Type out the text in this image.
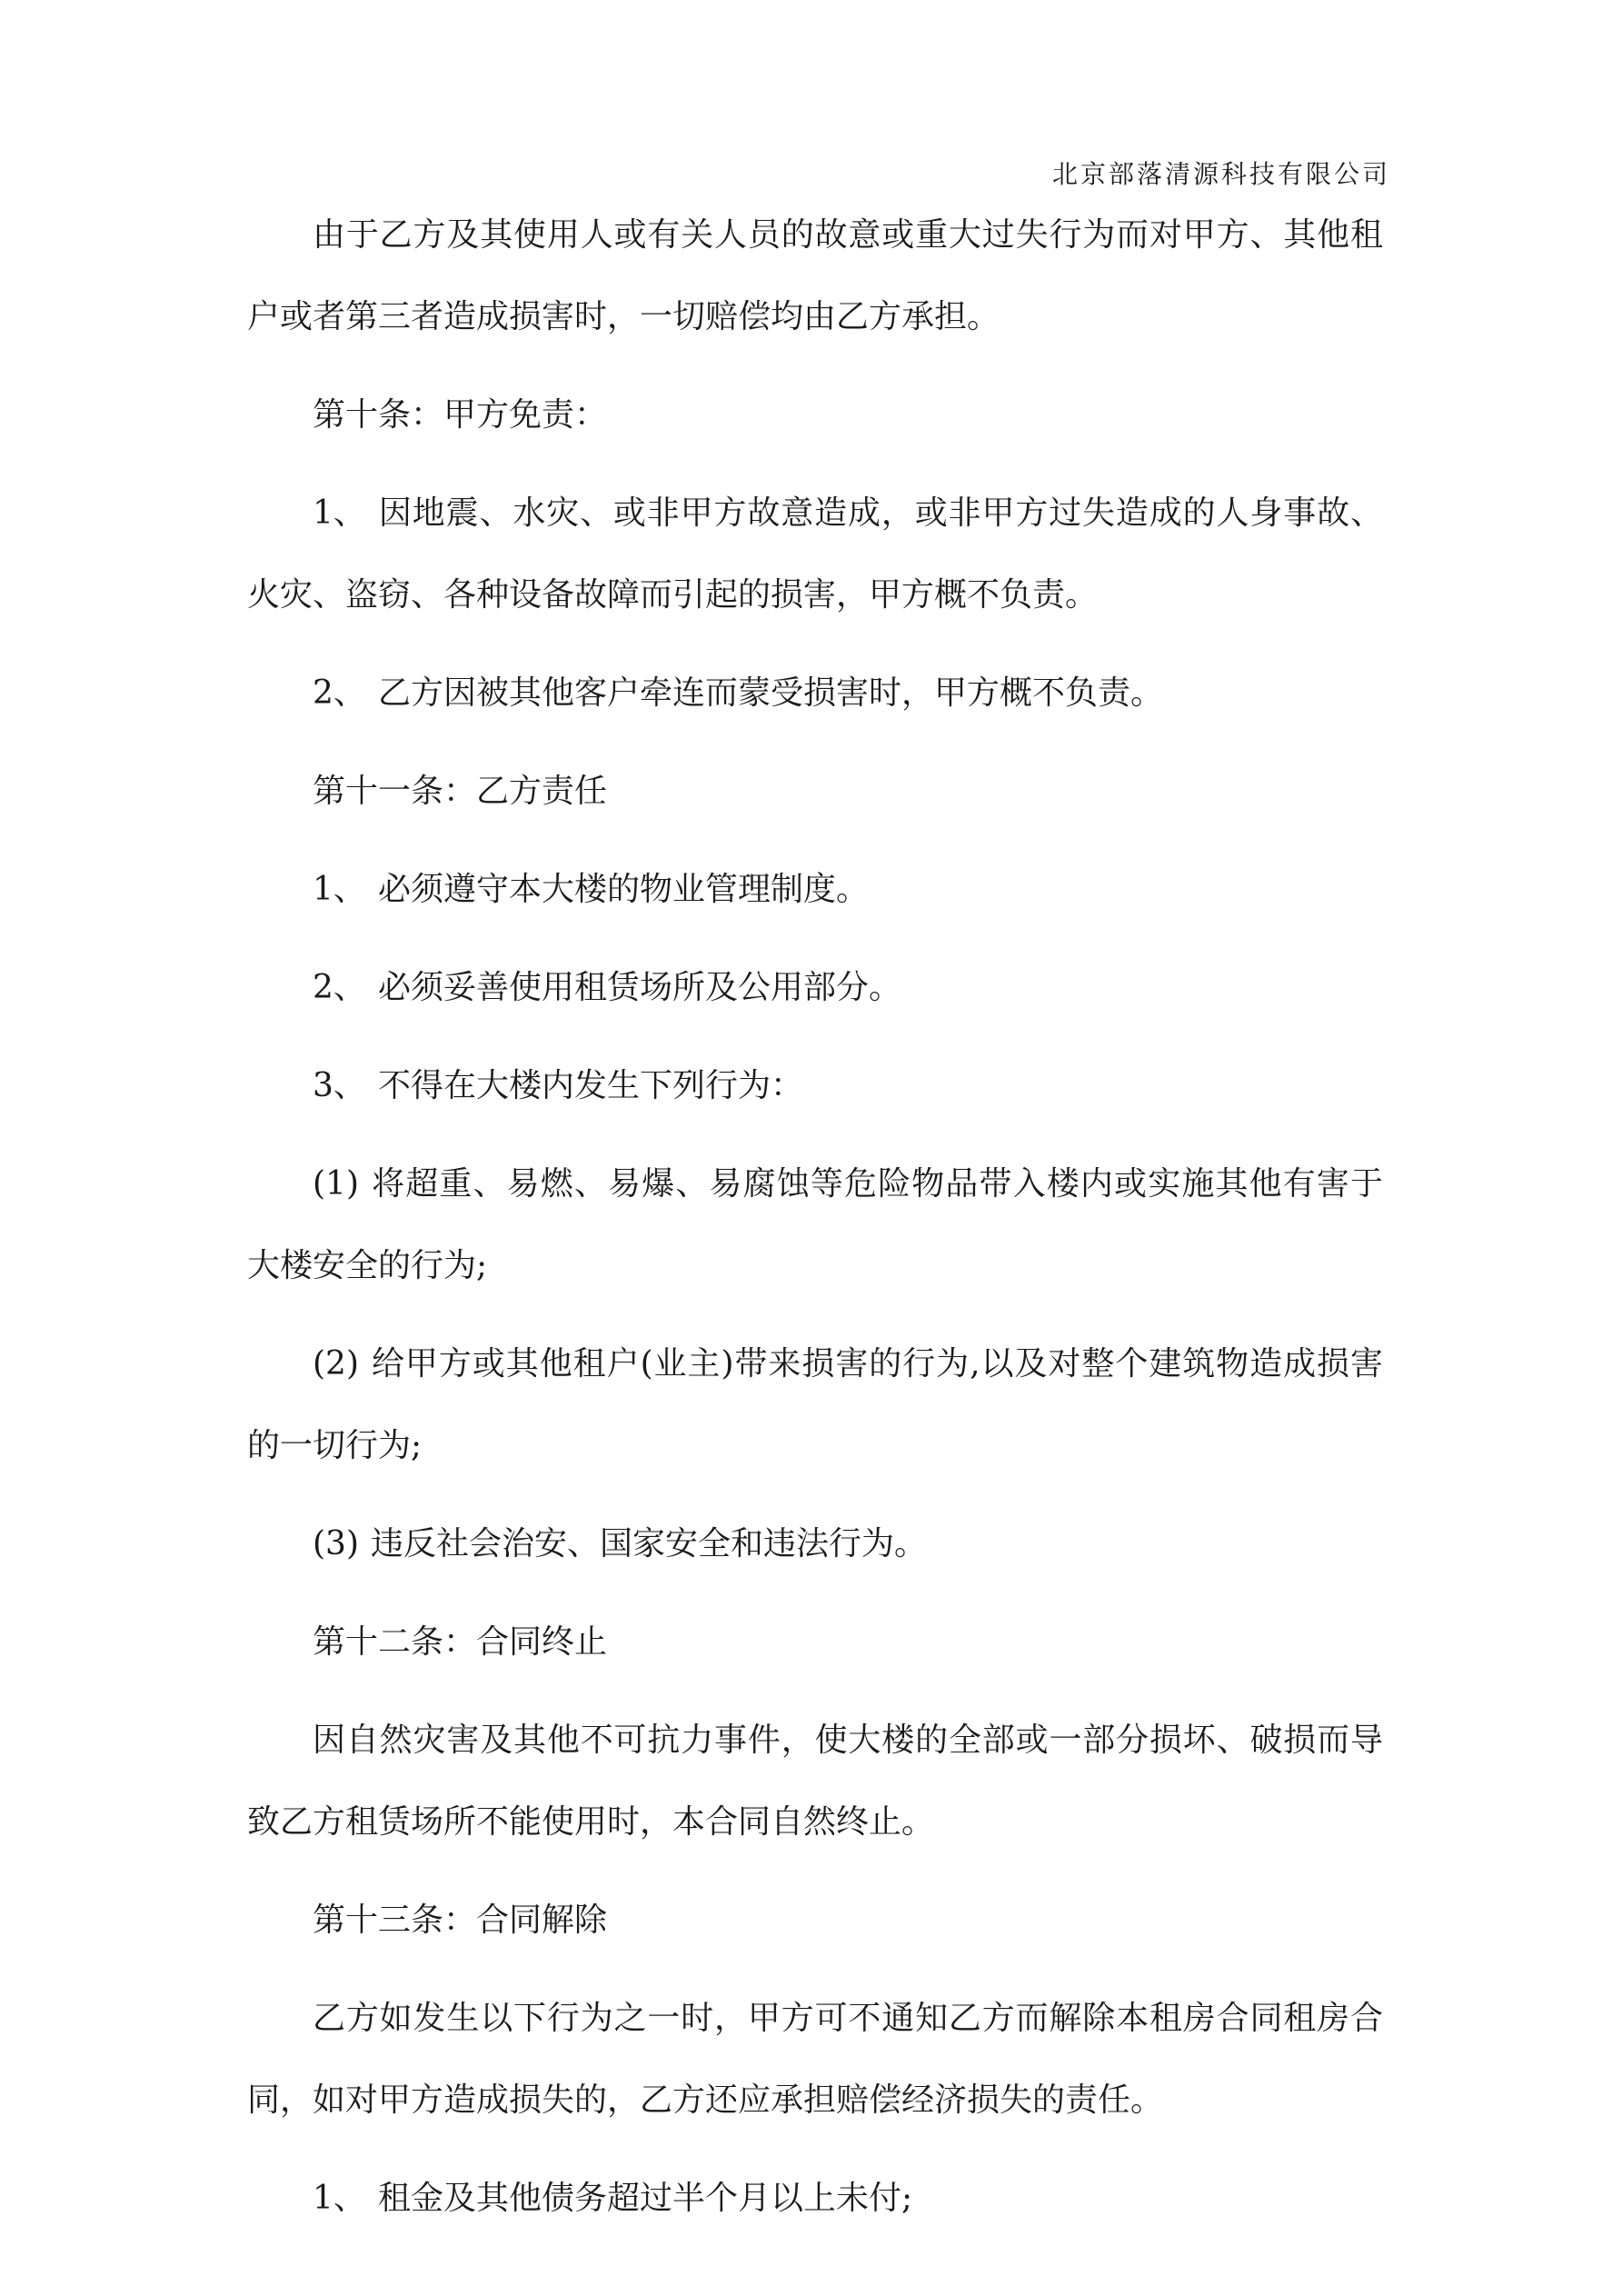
北京部落清源科技有限公司

由于乙方及其使用人或有关人员的故意或重大过失行为而对甲方、其他租户或者第三者造成损害时，一切赔偿均由乙方承担。

第十条：甲方免责：

1、 因地震、水灾、或非甲方故意造成，或非甲方过失造成的人身事故、火灾、盗窃、各种设备故障而引起的损害，甲方概不负责。

2、 乙方因被其他客户牵连而蒙受损害时，甲方概不负责。

第十一条：乙方责任

1、 必须遵守本大楼的物业管理制度。

2、 必须妥善使用租赁场所及公用部分。

3、 不得在大楼内发生下列行为：

(1) 将超重、易燃、易爆、易腐蚀等危险物品带入楼内或实施其他有害于大楼安全的行为;

(2) 给甲方或其他租户(业主)带来损害的行为,以及对整个建筑物造成损害的一切行为;

(3) 违反社会治安、国家安全和违法行为。

第十二条：合同终止

因自然灾害及其他不可抗力事件，使大楼的全部或一部分损坏、破损而导致乙方租赁场所不能使用时，本合同自然终止。

第十三条：合同解除

乙方如发生以下行为之一时，甲方可不通知乙方而解除本租房合同租房合同，如对甲方造成损失的，乙方还应承担赔偿经济损失的责任。

1、 租金及其他债务超过半个月以上未付;
